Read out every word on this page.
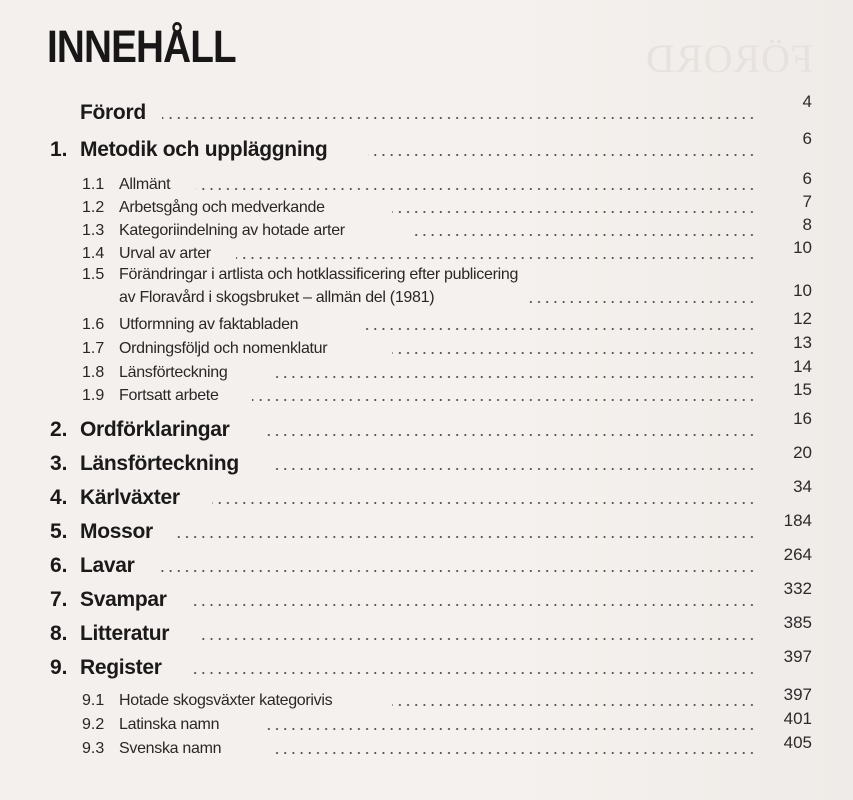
FÖRORD
INNEHÅLL
Förord	4
1. Metodik och uppläggning	6
1.1 Allmänt	6
1.2 Arbetsgång och medverkande	7
1.3 Kategoriindelning av hotade arter	8
1.4 Urval av arter	10
1.5 Förändringar i artlista och hotklassificering efter publicering
av Floravård i skogsbruket – allmän del (1981)	10
1.6 Utformning av faktabladen	12
1.7 Ordningsföljd och nomenklatur	13
1.8 Länsförteckning	14
1.9 Fortsatt arbete	15
2. Ordförklaringar	16
3. Länsförteckning	20
4. Kärlväxter	34
5. Mossor	184
6. Lavar	264
7. Svampar	332
8. Litteratur	385
9. Register	397
9.1 Hotade skogsväxter kategorivis	397
9.2 Latinska namn	401
9.3 Svenska namn	405
